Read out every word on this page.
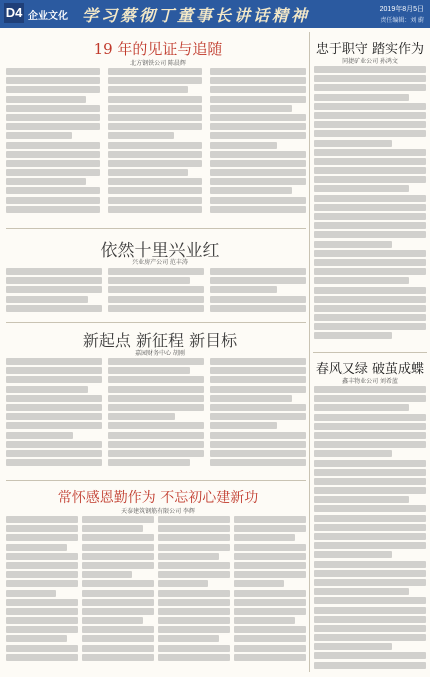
D4 企业文化 学习蔡彻丁董事长讲话精神	2019年8月5日
责任编辑：刘 蔚
19 年的见证与追随
北方钢铁公司 陈晨辉
依然十里兴业红
兴业房产公司 范丰涛
新起点 新征程 新目标
嘉园财务中心 胡刚
常怀感恩勤作为 不忘初心建新功
天泰建筑钢筋有限公司 李辉
忠于职守 踏实作为
同捷矿业公司 孙鸿文
春风又绿 破茧成蝶
鑫丰物业公司 刘希蓝
